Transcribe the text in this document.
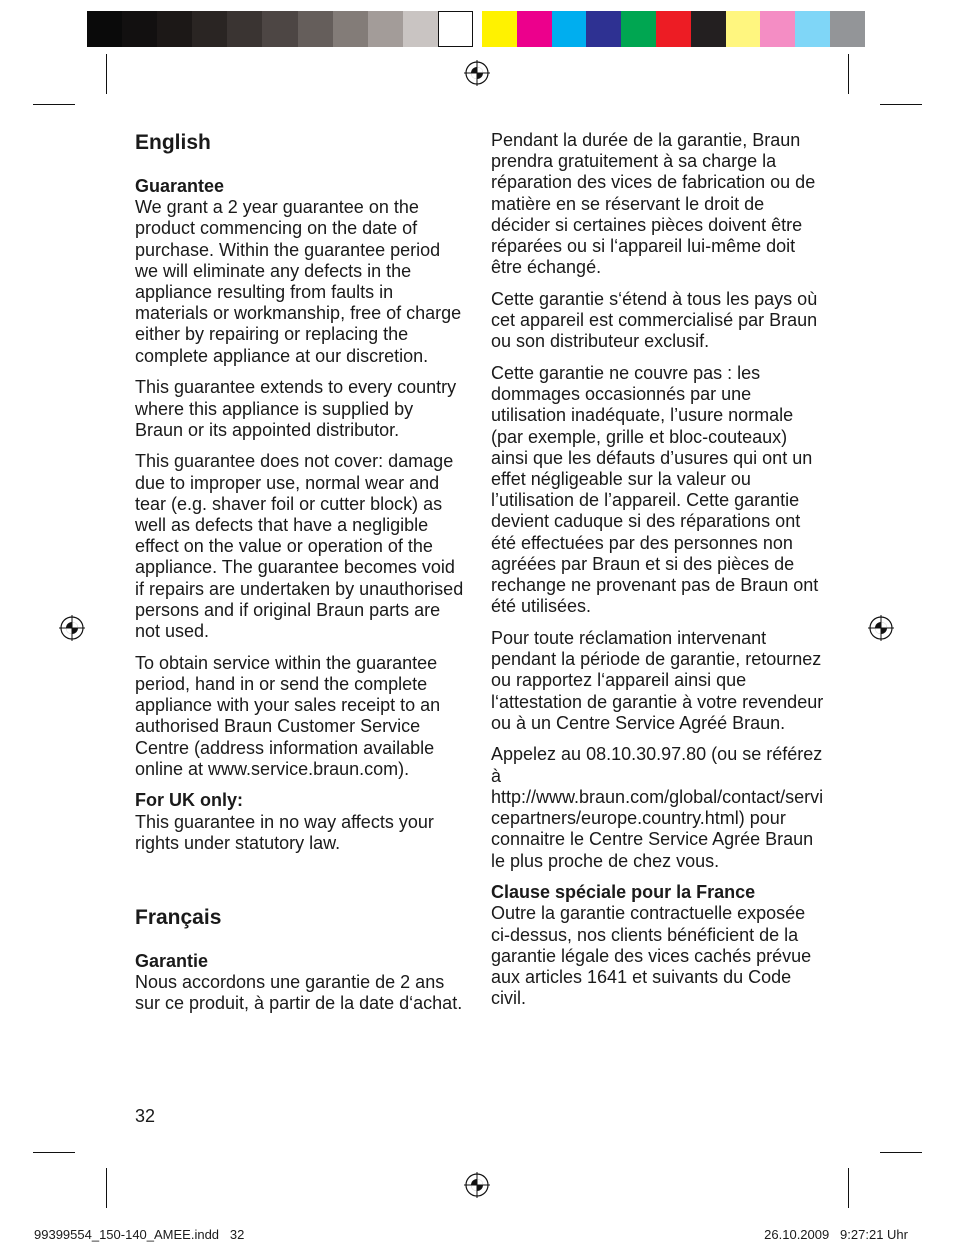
English
Guarantee

We grant a 2 year guarantee on the product commencing on the date of purchase. Within the guarantee period we will eliminate any defects in the appliance resulting from faults in materials or workmanship, free of charge either by repairing or replacing the complete appliance at our discretion.

This guarantee extends to every country where this appliance is supplied by Braun or its appointed distributor.

This guarantee does not cover: damage due to improper use, normal wear and tear (e.g. shaver foil or cutter block) as well as defects that have a negligible effect on the value or operation of the appliance. The guarantee becomes void if repairs are undertaken by unauthorised persons and if original Braun parts are not used.

To obtain service within the guarantee period, hand in or send the complete appliance with your sales receipt to an authorised Braun Customer Service Centre (address information available online at www.service.braun.com).

For UK only:

This guarantee in no way affects your rights under statutory law.

Français
Garantie

Nous accordons une garantie de 2 ans sur ce produit, à partir de la date d‘achat.

Pendant la durée de la garantie, Braun prendra gratuitement à sa charge la réparation des vices de fabrication ou de matière en se réservant le droit de décider si certaines pièces doivent être réparées ou si l‘appareil lui-même doit être échangé.

Cette garantie s‘étend à tous les pays où cet appareil est commercialisé par Braun ou son distributeur exclusif.

Cette garantie ne couvre pas : les dommages occasionnés par une utilisation inadéquate, l’usure normale (par exemple, grille et bloc-couteaux) ainsi que les défauts d’usures qui ont un effet négligeable sur la valeur ou l’utilisation de l’appareil. Cette garantie devient caduque si des réparations ont été effectuées par des personnes non agréées par Braun et si des pièces de rechange ne provenant pas de Braun ont été utilisées.

Pour toute réclamation intervenant pendant la période de garantie, retournez ou rapportez l‘appareil ainsi que l‘attestation de garantie à votre revendeur ou à un Centre Service Agréé Braun.

Appelez au 08.10.30.97.80 (ou se référez à http://www.braun.com/global/contact/servicepartners/europe.country.html) pour connaitre le Centre Service Agrée Braun le plus proche de chez vous.

Clause spéciale pour la France

Outre la garantie contractuelle exposée ci-dessus, nos clients bénéficient de la garantie légale des vices cachés prévue aux articles 1641 et suivants du Code civil.

32
99399554_150-140_AMEE.indd   32	26.10.2009   9:27:21 Uhr
